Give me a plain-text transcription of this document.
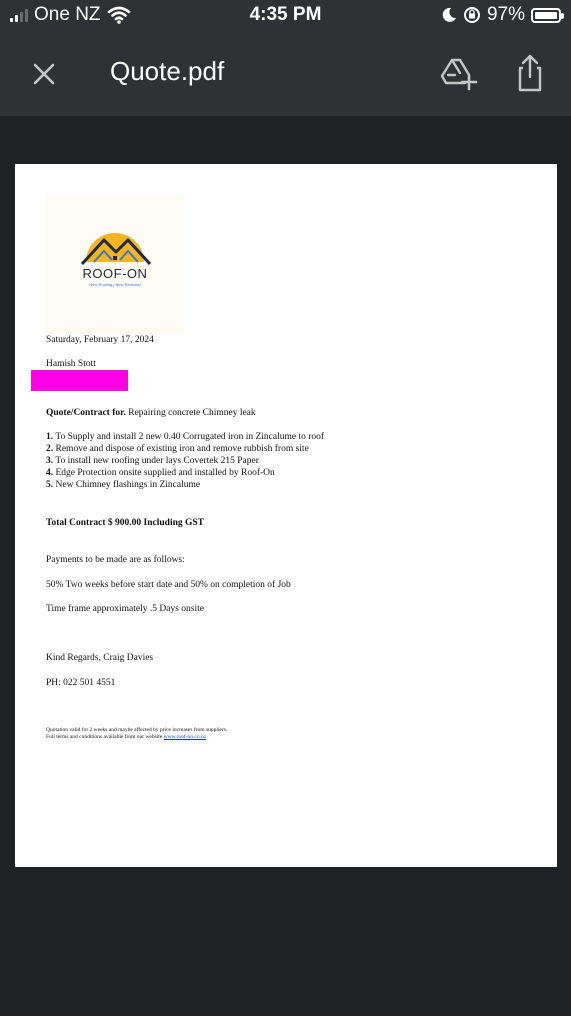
One NZ	4:35 PM	97%
Quote.pdf
ROOF-ON
New Roofing | New Remodel
Saturday, February 17, 2024
Hamish Stott
Quote/Contract for. Repairing concrete Chimney leak
1. To Supply and install 2 new 0.40 Corrugated iron in Zincalume to roof
2. Remove and dispose of existing iron and remove rubbish from site
3. To install new roofing under lays Covertek 215 Paper
4. Edge Protection onsite supplied and installed by Roof-On
5. New Chimney flashings in Zincalume
Total Contract $ 900.00 Including GST
Payments to be made are as follows:
50% Two weeks before start date and 50% on completion of Job
Time frame approximately .5 Days onsite
Kind Regards, Craig Davies
PH: 022 501 4551
Quotation valid for 2 weeks and maybe affected by price increases from suppliers.
Full terms and conditions available from our website www.roof-on.co.nz
